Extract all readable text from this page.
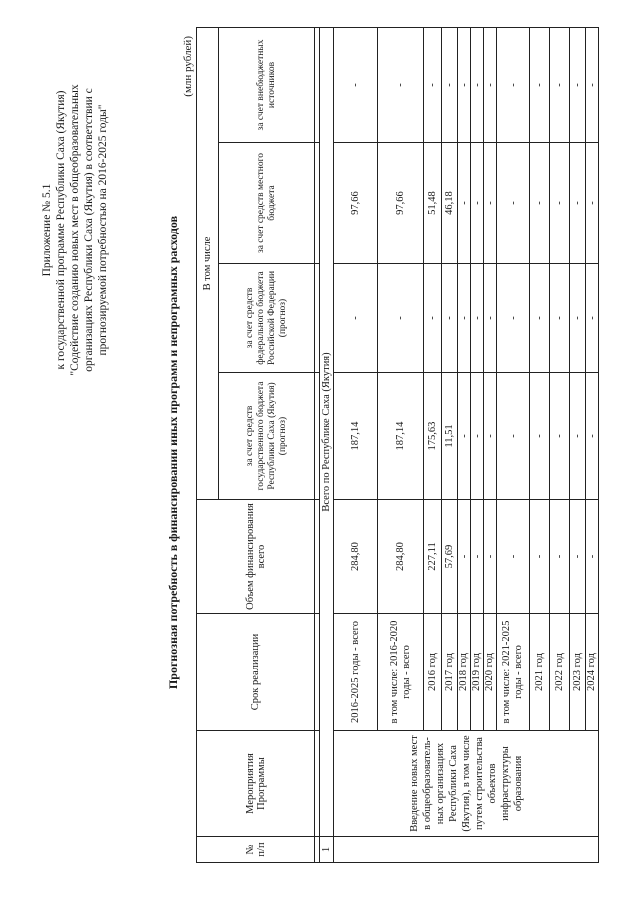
Приложение № 5.1 к государственной программе Республики Саха (Якутия) "Содействие созданию новых мест в общеобразовательных организациях Республики Саха (Якутия) в соответствии с прогнозируемой потребностью на 2016-2025 годы"	Прогнозная потребность в финансировании иных программ и непрограмных расходов
(млн рублей)
№ п/п	Мероприятия Программы	Срок реализации	Объем финансирования всего	В том числе			
				за счет средств государственного бюджета Республики Саха (Якутия) (прогноз)	за счет средств федерального бюджета Российской Федерации (прогноз)	за счет средств местного бюджета	за счет внебюджетных источников

1	Всего по Республике Саха (Якутия)						
	Введение новых мест в общеобразователь-ных организациях Республики Саха (Якутия), в том числе путем строительства объектов инфраструктуры образования	2016-2025 годы - всего	284,80	187,14	-	97,66	-
		в том числе: 2016-2020 годы - всего	284,80	187,14	-	97,66	-
		2016 год	227,11	175,63	-	51,48	-
		2017 год	57,69	11,51	-	46,18	-
		2018 год	-	-	-	-	-
		2019 год	-	-	-	-	-
		2020 год	-	-	-	-	-
		в том числе: 2021-2025 годы - всего	-	-	-	-	-
		2021 год	-	-	-	-	-
		2022 год	-	-	-	-	-
		2023 год	-	-	-	-	-
		2024 год	-	-	-	-	-
